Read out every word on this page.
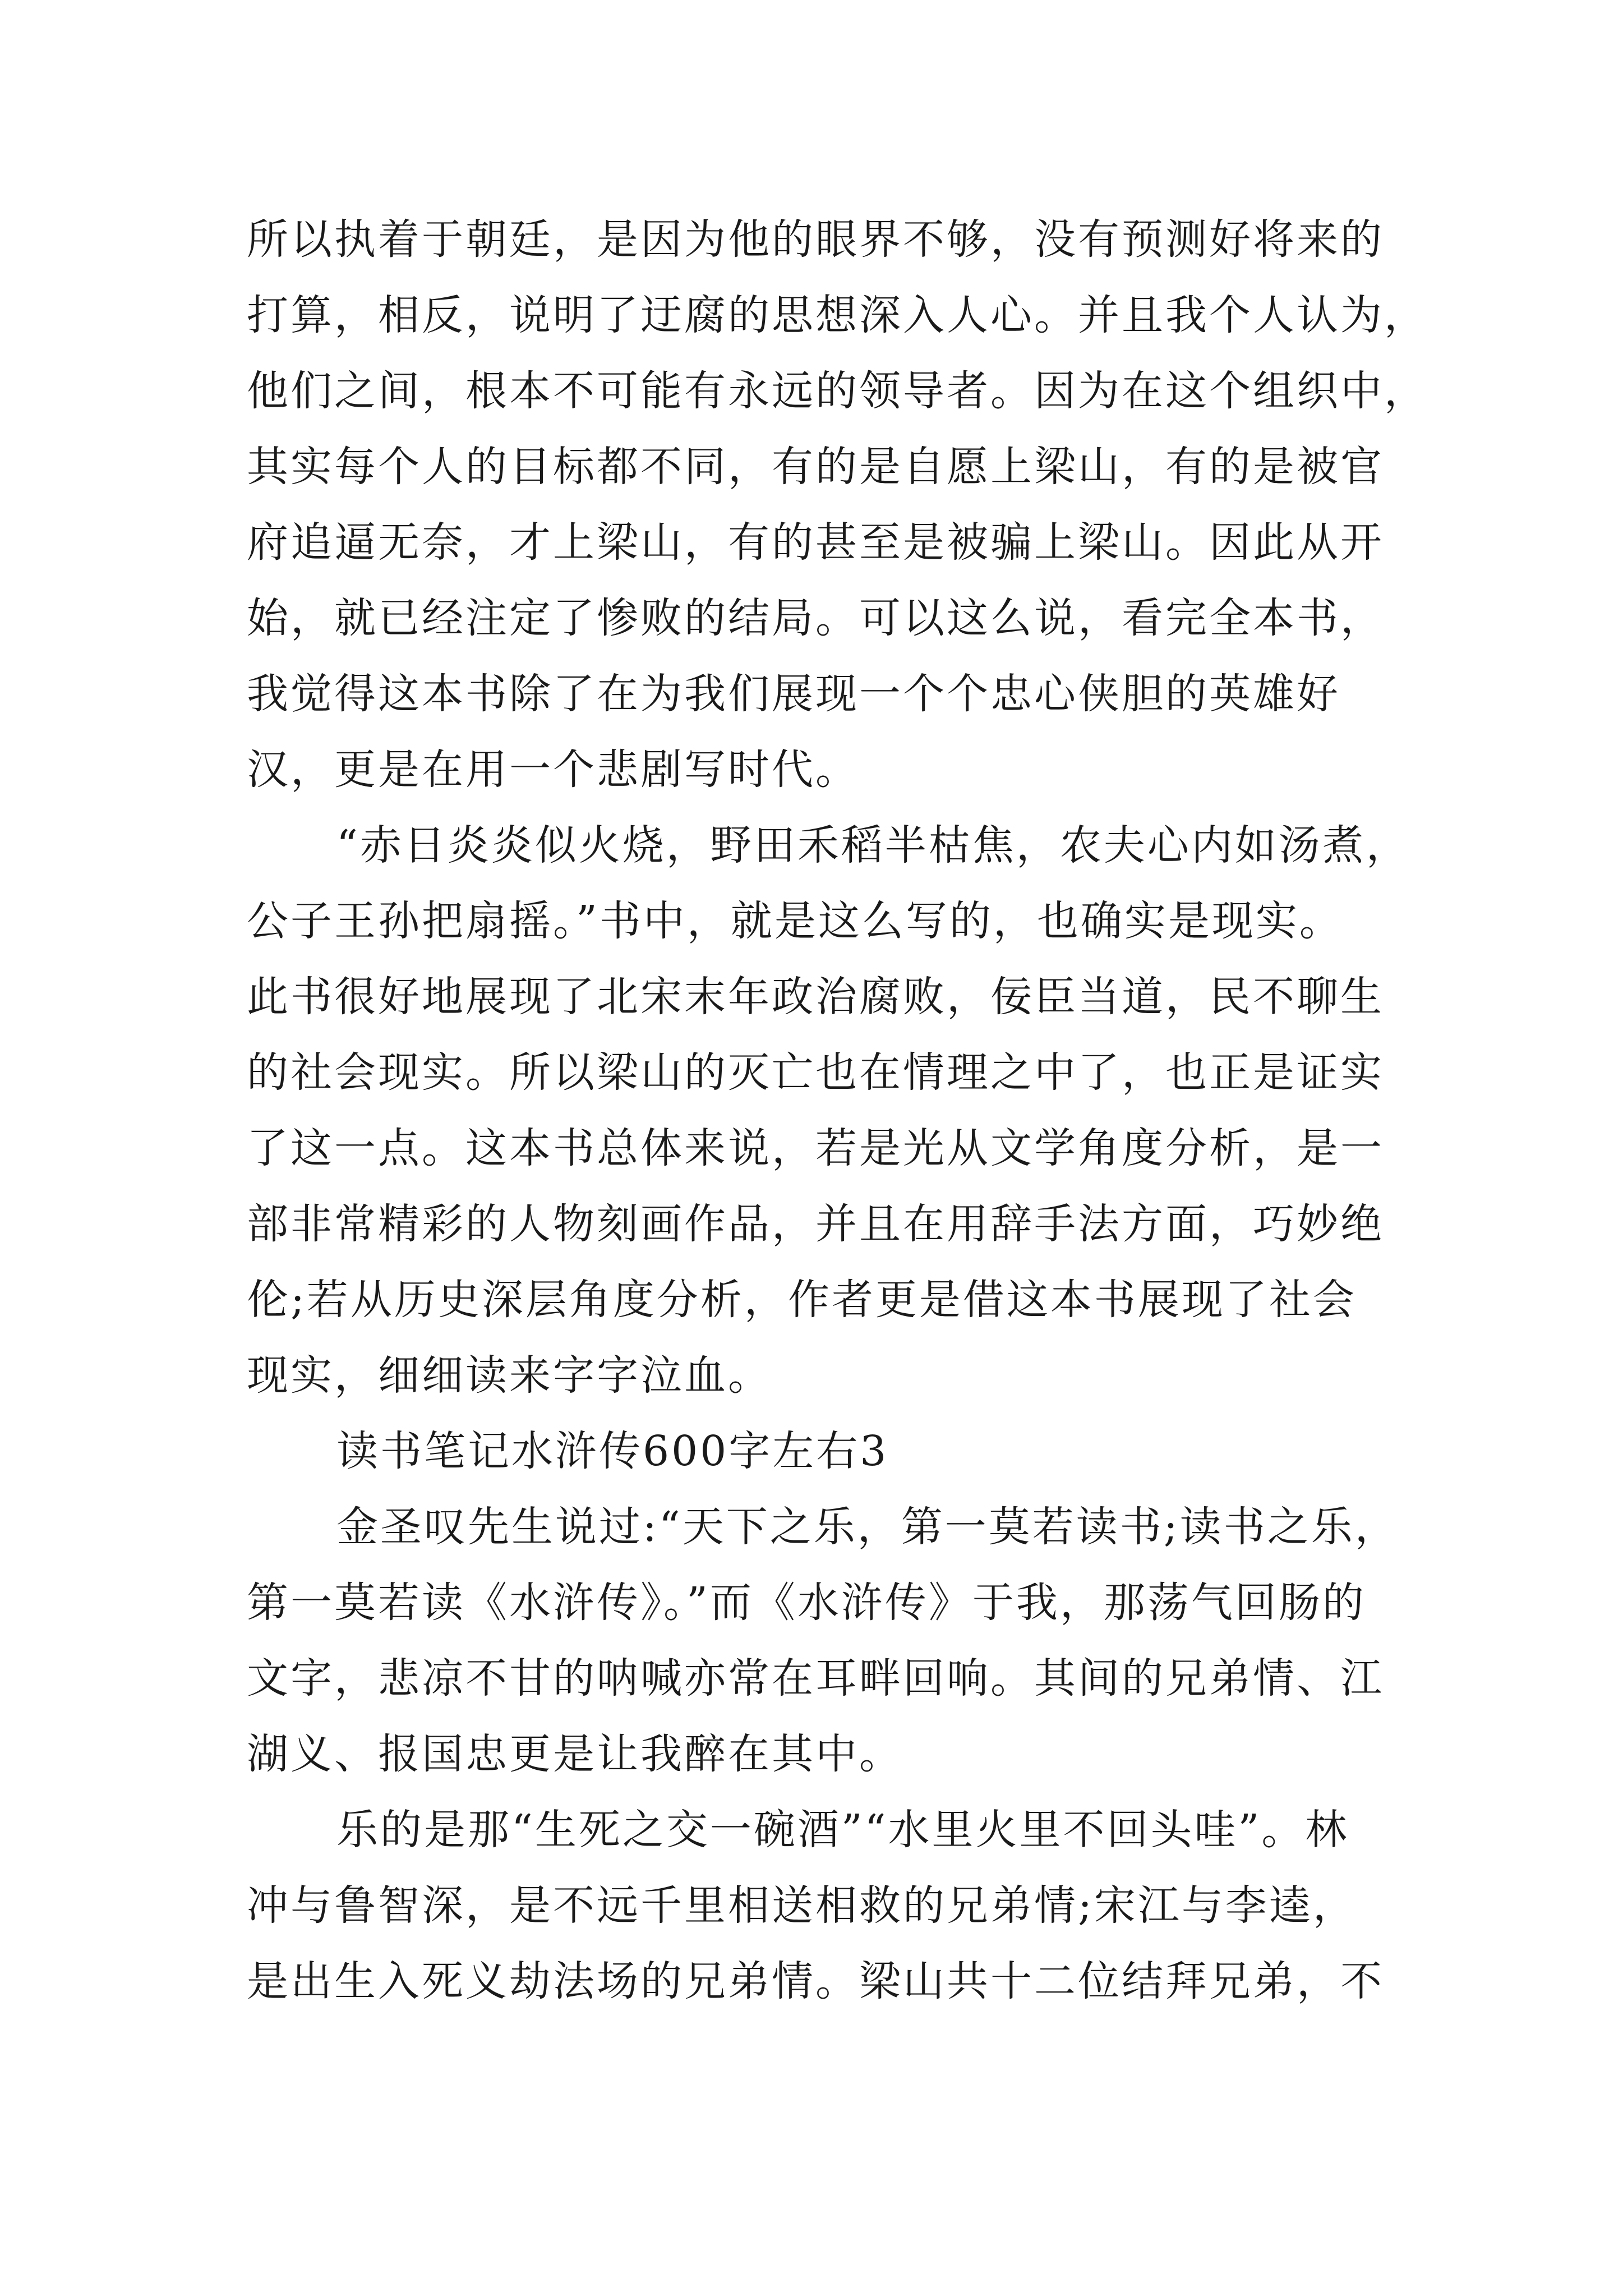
所以执着于朝廷，是因为他的眼界不够，没有预测好将来的
打算，相反，说明了迂腐的思想深入人心。并且我个人认为，
他们之间，根本不可能有永远的领导者。因为在这个组织中，
其实每个人的目标都不同，有的是自愿上梁山，有的是被官
府追逼无奈，才上梁山，有的甚至是被骗上梁山。因此从开
始，就已经注定了惨败的结局。可以这么说，看完全本书，
我觉得这本书除了在为我们展现一个个忠心侠胆的英雄好
汉，更是在用一个悲剧写时代。
“赤日炎炎似火烧，野田禾稻半枯焦，农夫心内如汤煮，
公子王孙把扇摇。”书中，就是这么写的，也确实是现实。
此书很好地展现了北宋末年政治腐败，佞臣当道，民不聊生
的社会现实。所以梁山的灭亡也在情理之中了，也正是证实
了这一点。这本书总体来说，若是光从文学角度分析，是一
部非常精彩的人物刻画作品，并且在用辞手法方面，巧妙绝
伦;若从历史深层角度分析，作者更是借这本书展现了社会
现实，细细读来字字泣血。
读书笔记水浒传600字左右3
金圣叹先生说过:“天下之乐，第一莫若读书;读书之乐，
第一莫若读《水浒传》。”而《水浒传》于我，那荡气回肠的
文字，悲凉不甘的呐喊亦常在耳畔回响。其间的兄弟情、江
湖义、报国忠更是让我醉在其中。
乐的是那“生死之交一碗酒”“水里火里不回头哇”。林
冲与鲁智深，是不远千里相送相救的兄弟情;宋江与李逵，
是出生入死义劫法场的兄弟情。梁山共十二位结拜兄弟，不
